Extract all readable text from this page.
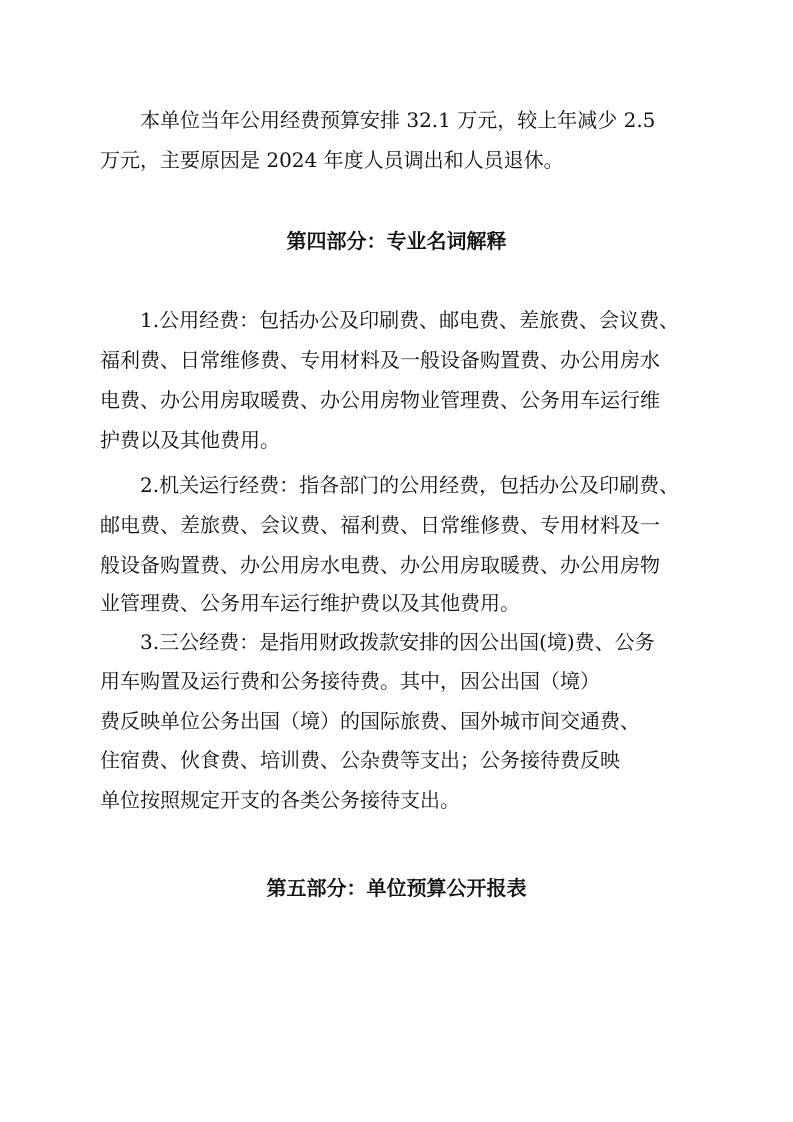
本单位当年公用经费预算安排 32.1 万元，较上年减少 2.5
万元，主要原因是 2024 年度人员调出和人员退休。
第四部分：专业名词解释
1.公用经费：包括办公及印刷费、邮电费、差旅费、会议费、
福利费、日常维修费、专用材料及一般设备购置费、办公用房水
电费、办公用房取暖费、办公用房物业管理费、公务用车运行维
护费以及其他费用。
2.机关运行经费：指各部门的公用经费，包括办公及印刷费、
邮电费、差旅费、会议费、福利费、日常维修费、专用材料及一
般设备购置费、办公用房水电费、办公用房取暖费、办公用房物
业管理费、公务用车运行维护费以及其他费用。
3.三公经费：是指用财政拨款安排的因公出国(境)费、公务
用车购置及运行费和公务接待费。其中，因公出国（境）
费反映单位公务出国（境）的国际旅费、国外城市间交通费、
住宿费、伙食费、培训费、公杂费等支出；公务接待费反映
单位按照规定开支的各类公务接待支出。
第五部分：单位预算公开报表
